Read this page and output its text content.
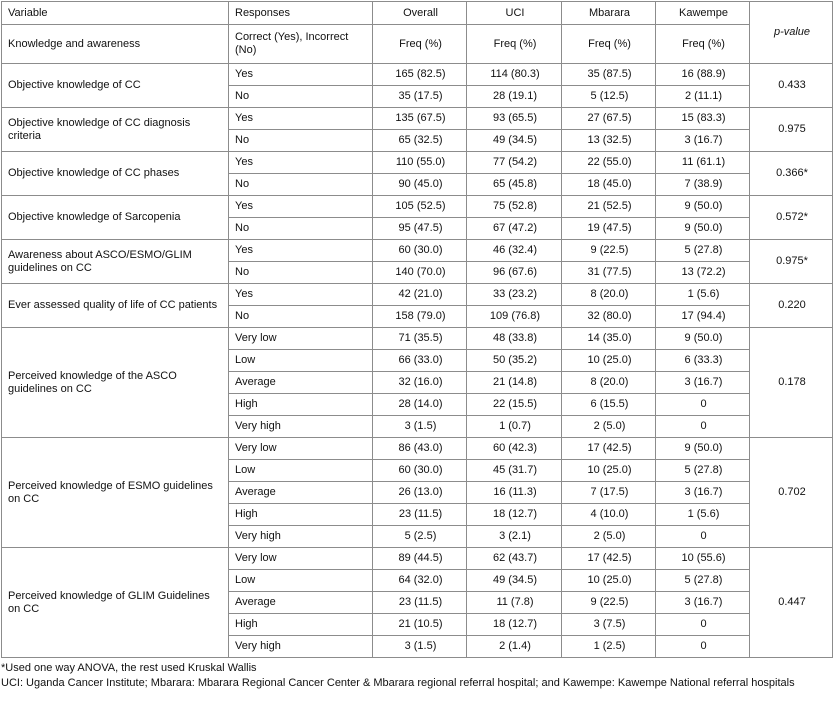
Variable	Responses	Overall	UCI	Mbarara	Kawempe	p-value
Knowledge and awareness	Correct (Yes), Incorrect (No)	Freq (%)	Freq (%)	Freq (%)	Freq (%)	
Objective knowledge of CC	Yes	165 (82.5)	114 (80.3)	35 (87.5)	16 (88.9)	0.433
	No	35 (17.5)	28 (19.1)	5 (12.5)	2 (11.1)	
Objective knowledge of CC diagnosis criteria	Yes	135 (67.5)	93 (65.5)	27 (67.5)	15 (83.3)	0.975
	No	65 (32.5)	49 (34.5)	13 (32.5)	3 (16.7)	
Objective knowledge of CC phases	Yes	110 (55.0)	77 (54.2)	22 (55.0)	11 (61.1)	0.366*
	No	90 (45.0)	65 (45.8)	18 (45.0)	7 (38.9)	
Objective knowledge of Sarcopenia	Yes	105 (52.5)	75 (52.8)	21 (52.5)	9 (50.0)	0.572*
	No	95 (47.5)	67 (47.2)	19 (47.5)	9 (50.0)	
Awareness about ASCO/ESMO/GLIM guidelines on CC	Yes	60 (30.0)	46 (32.4)	9 (22.5)	5 (27.8)	0.975*
	No	140 (70.0)	96 (67.6)	31 (77.5)	13 (72.2)	
Ever assessed quality of life of CC patients	Yes	42 (21.0)	33 (23.2)	8 (20.0)	1 (5.6)	0.220
	No	158 (79.0)	109 (76.8)	32 (80.0)	17 (94.4)	
Perceived knowledge of the ASCO guidelines on CC	Very low	71 (35.5)	48 (33.8)	14 (35.0)	9 (50.0)	0.178
	Low	66 (33.0)	50 (35.2)	10 (25.0)	6 (33.3)	
	Average	32 (16.0)	21 (14.8)	8 (20.0)	3 (16.7)	
	High	28 (14.0)	22 (15.5)	6 (15.5)	0	
	Very high	3 (1.5)	1 (0.7)	2 (5.0)	0	
Perceived knowledge of ESMO guidelines on CC	Very low	86 (43.0)	60 (42.3)	17 (42.5)	9 (50.0)	0.702
	Low	60 (30.0)	45 (31.7)	10 (25.0)	5 (27.8)	
	Average	26 (13.0)	16 (11.3)	7 (17.5)	3 (16.7)	
	High	23 (11.5)	18 (12.7)	4 (10.0)	1 (5.6)	
	Very high	5 (2.5)	3 (2.1)	2 (5.0)	0	
Perceived knowledge of GLIM Guidelines on CC	Very low	89 (44.5)	62 (43.7)	17 (42.5)	10 (55.6)	0.447
	Low	64 (32.0)	49 (34.5)	10 (25.0)	5 (27.8)	
	Average	23 (11.5)	11 (7.8)	9 (22.5)	3 (16.7)	
	High	21 (10.5)	18 (12.7)	3 (7.5)	0	
	Very high	3 (1.5)	2 (1.4)	1 (2.5)	0	
*Used one way ANOVA, the rest used Kruskal Wallis
UCI: Uganda Cancer Institute; Mbarara: Mbarara Regional Cancer Center & Mbarara regional referral hospital; and Kawempe: Kawempe National referral hospitals
